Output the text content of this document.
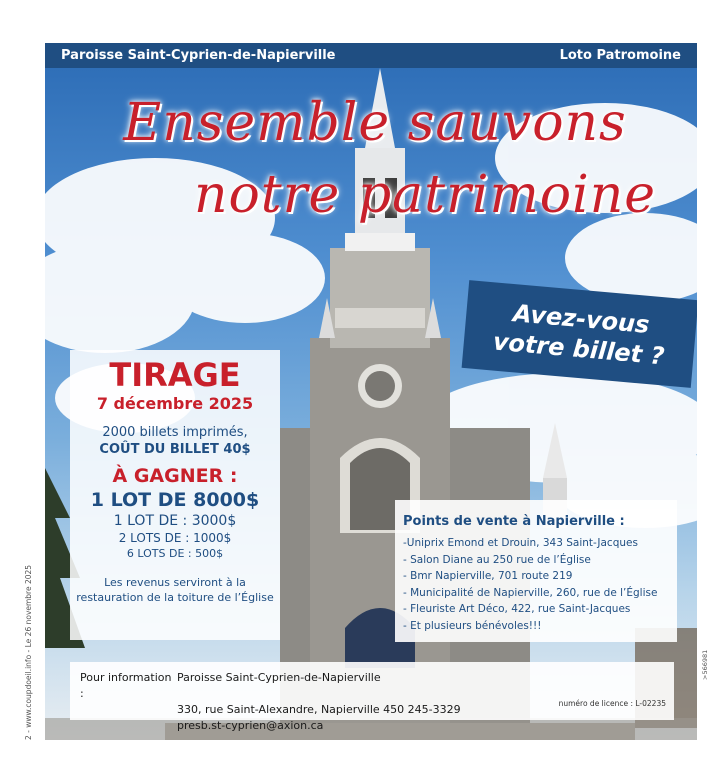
Paroisse Saint-Cyprien-de-Napierville	Loto Patromoine
Ensemble sauvons
notre patrimoine
Avez-vous
votre billet ?
TIRAGE
7 décembre 2025
2000 billets imprimés,
COÛT DU BILLET 40$
À GAGNER :
1 LOT DE 8000$
1 LOT DE : 3000$
2 LOTS DE : 1000$
6 LOTS DE : 500$
Les revenus serviront à la restauration de la toiture de l’Église
Points de vente à Napierville :
-Uniprix Emond et Drouin, 343 Saint-Jacques
- Salon Diane au 250 rue de l’Église
- Bmr Napierville, 701 route 219
- Municipalité de Napierville, 260, rue de l’Église
- Fleuriste Art Déco, 422, rue Saint-Jacques
- Et plusieurs bénévoles!!!
Pour information :
Paroisse Saint-Cyprien-de-Napierville
330, rue Saint-Alexandre, Napierville 450 245-3329
presb.st-cyprien@axion.ca
numéro de licence : L-02235
2 - www.coupdoeil.info - Le 26 novembre 2025	>566981
